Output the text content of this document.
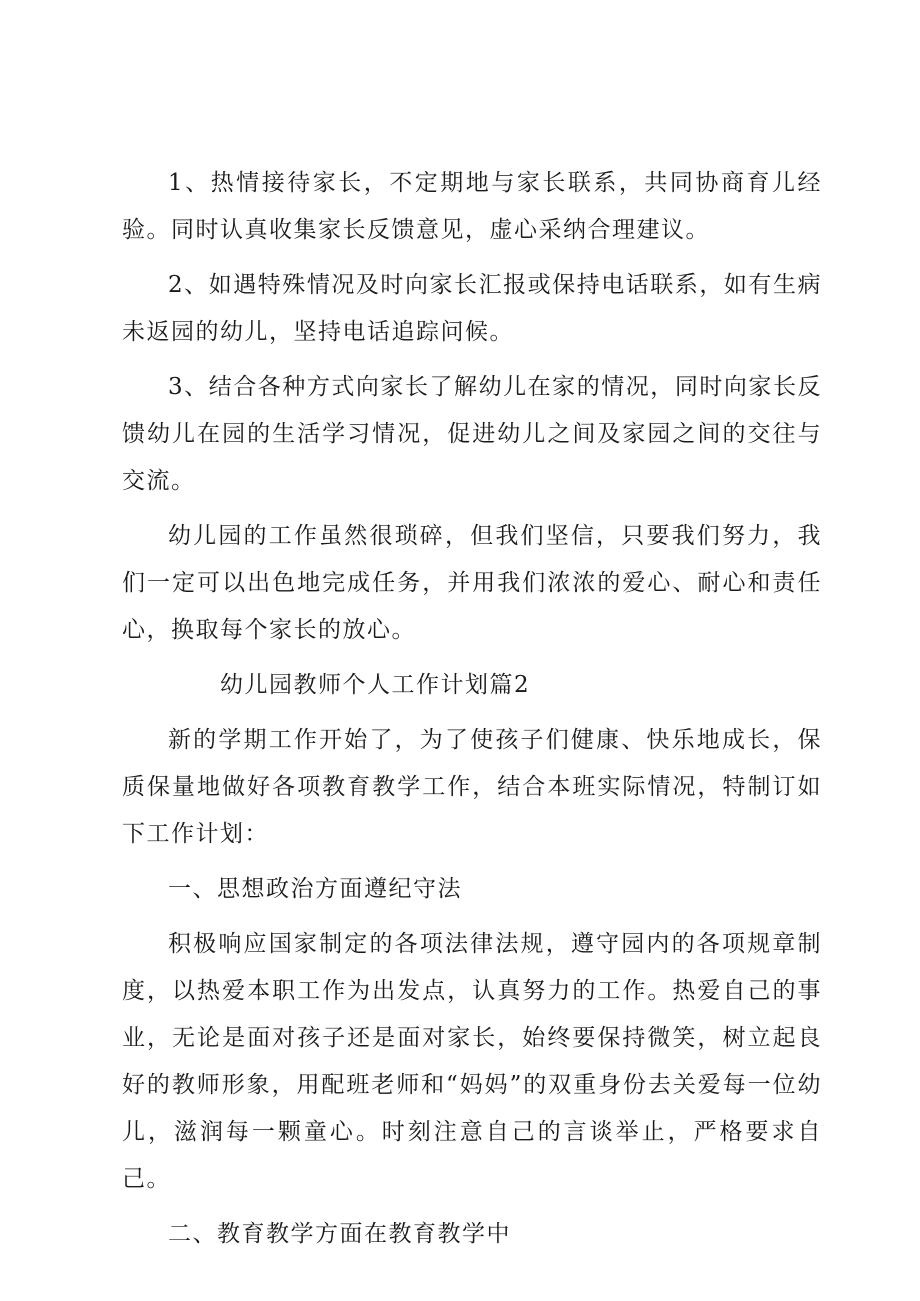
1、热情接待家长，不定期地与家长联系，共同协商育儿经验。同时认真收集家长反馈意见，虚心采纳合理建议。

2、如遇特殊情况及时向家长汇报或保持电话联系，如有生病未返园的幼儿，坚持电话追踪问候。

3、结合各种方式向家长了解幼儿在家的情况，同时向家长反馈幼儿在园的生活学习情况，促进幼儿之间及家园之间的交往与交流。

幼儿园的工作虽然很琐碎，但我们坚信，只要我们努力，我们一定可以出色地完成任务，并用我们浓浓的爱心、耐心和责任心，换取每个家长的放心。

幼儿园教师个人工作计划篇2

新的学期工作开始了，为了使孩子们健康、快乐地成长，保质保量地做好各项教育教学工作，结合本班实际情况，特制订如下工作计划：

一、思想政治方面遵纪守法

积极响应国家制定的各项法律法规，遵守园内的各项规章制度，以热爱本职工作为出发点，认真努力的工作。热爱自己的事业，无论是面对孩子还是面对家长，始终要保持微笑，树立起良好的教师形象，用配班老师和“妈妈”的双重身份去关爱每一位幼儿，滋润每一颗童心。时刻注意自己的言谈举止，严格要求自己。

二、教育教学方面在教育教学中
